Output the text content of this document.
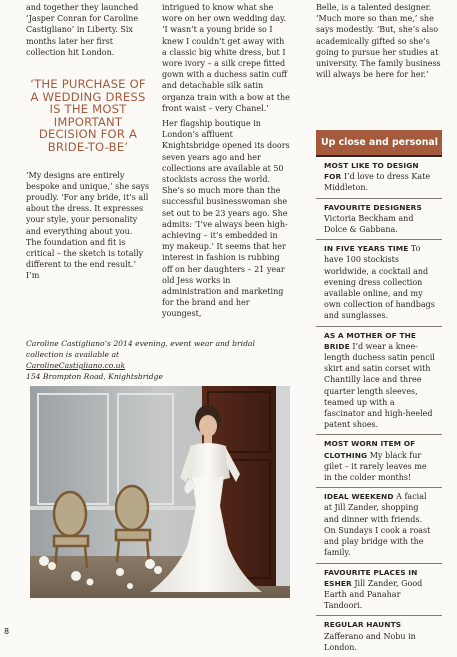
and together they launched ‘Jasper Conran for Caroline Castigliano’ in Liberty. Six months later her first collection hit London.

‘THE PURCHASE OF A WEDDING DRESS IS THE MOST IMPORTANT DECISION FOR A BRIDE-TO-BE’

‘My designs are entirely bespoke and unique,’ she says proudly. ‘For any bride, it’s all about the dress. It expresses your style, your personality and everything about you. The foundation and fit is critical – the sketch is totally different to the end result.’ I’m

intrigued to know what she wore on her own wedding day. ‘I wasn’t a young bride so I knew I couldn’t get away with a classic big white dress, but I wore ivory – a silk crepe fitted gown with a duchess satin cuff and detachable silk satin organza train with a bow at the front waist – very Chanel.’

Her flagship boutique in London’s affluent Knightsbridge opened its doors seven years ago and her collections are available at 50 stockists across the world. She’s so much more than the successful businesswoman she set out to be 23 years ago. She admits: ‘I’ve always been high-achieving – it’s embedded in my makeup.’ It seems that her interest in fashion is rubbing off on her daughters – 21 year old Jess works in administration and marketing for the brand and her youngest,

Belle, is a talented designer. ‘Much more so than me,’ she says modestly. ‘But, she’s also academically gifted so she’s going to pursue her studies at university. The family business will always be here for her.’

Up close and personal
MOST LIKE TO DESIGN FOR I’d love to dress Kate Middleton.
FAVOURITE DESIGNERS Victoria Beckham and Dolce & Gabbana.
IN FIVE YEARS TIME To have 100 stockists worldwide, a cocktail and evening dress collection available online, and my own collection of handbags and sunglasses.
AS A MOTHER OF THE BRIDE I’d wear a knee-length duchess satin pencil skirt and satin corset with Chantilly lace and three quarter length sleeves, teamed up with a fascinator and high-heeled patent shoes.
MOST WORN ITEM OF CLOTHING My black fur gilet – it rarely leaves me in the colder months!
IDEAL WEEKEND A facial at Jill Zander, shopping and dinner with friends. On Sundays I cook a roast and play bridge with the family.
FAVOURITE PLACES IN ESHER Jill Zander, Good Earth and Panahar Tandoori.
REGULAR HAUNTS Zafferano and Nobu in London.
Caroline Castigliano’s 2014 evening, event wear and bridal collection is available at
CarolineCastigliano.co.uk
154 Brompton Road, Knightsbridge
8
